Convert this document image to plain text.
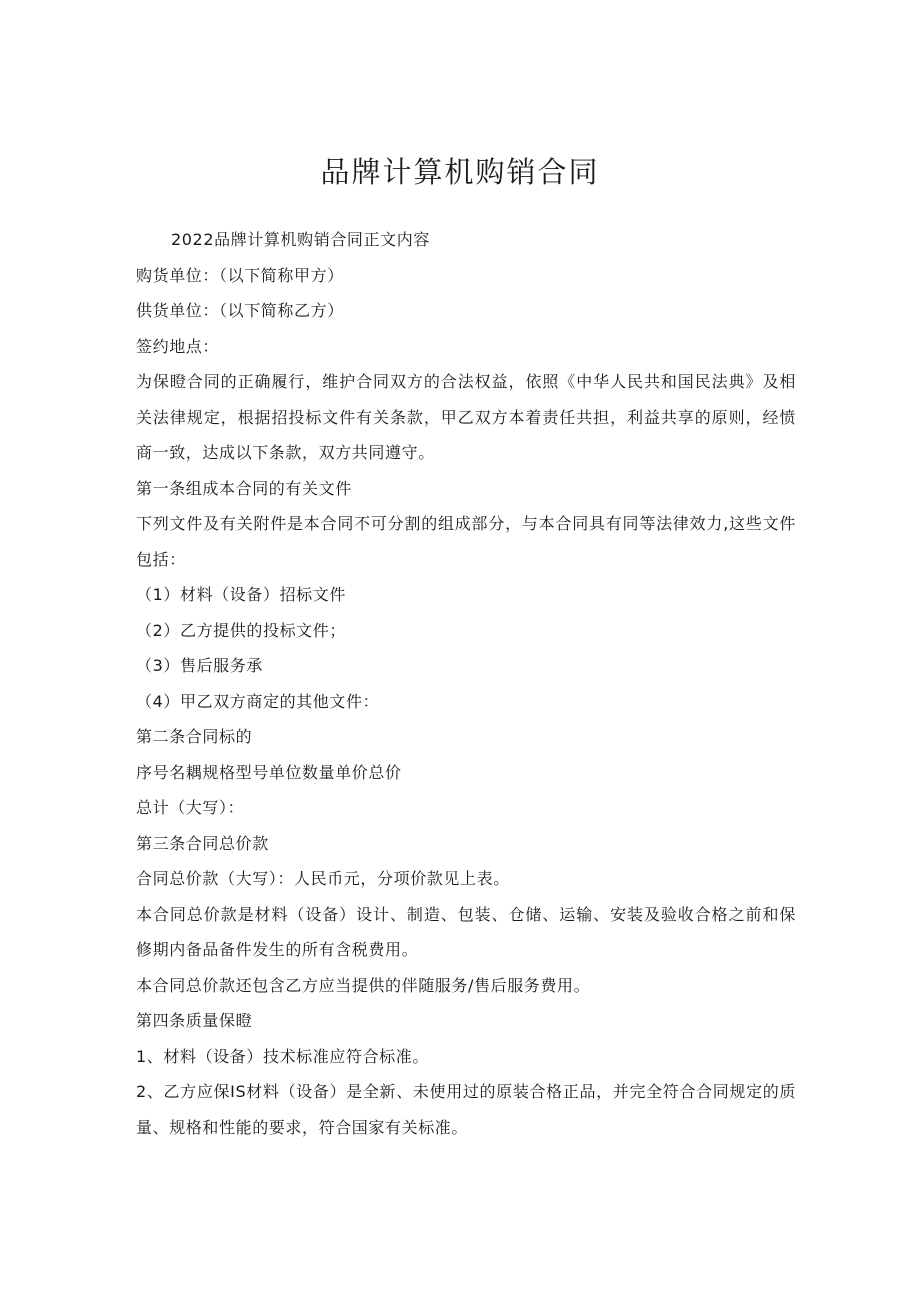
品牌计算机购销合同

2022品牌计算机购销合同正文内容

购货单位：（以下简称甲方）

供货单位：（以下简称乙方）

签约地点：

为保瞪合同的正确履行，维护合同双方的合法权益，依照《中华人民共和国民法典》及相关法律规定，根据招投标文件有关条款，甲乙双方本着责任共担，利益共享的原则，经愤商一致，达成以下条款，双方共同遵守。

第一条组成本合同的有关文件

下列文件及有关附件是本合同不可分割的组成部分，与本合同具有同等法律效力,这些文件包括：

（1）材料（设备）招标文件

（2）乙方提供的投标文件；

（3）售后服务承

（4）甲乙双方商定的其他文件：

第二条合同标的

序号名耦规格型号单位数量单价总价

总计（大写）：

第三条合同总价款

合同总价款（大写）：人民币元，分项价款见上表。

本合同总价款是材料（设备）设计、制造、包装、仓储、运输、安装及验收合格之前和保修期内备品备件发生的所有含税费用。

本合同总价款还包含乙方应当提供的伴随服务/售后服务费用。

第四条质量保瞪

1、材料（设备）技术标准应符合标准。

2、乙方应保IS材料（设备）是全新、未使用过的原装合格正品，并完全符合合同规定的质量、规格和性能的要求，符合国家有关标准。
